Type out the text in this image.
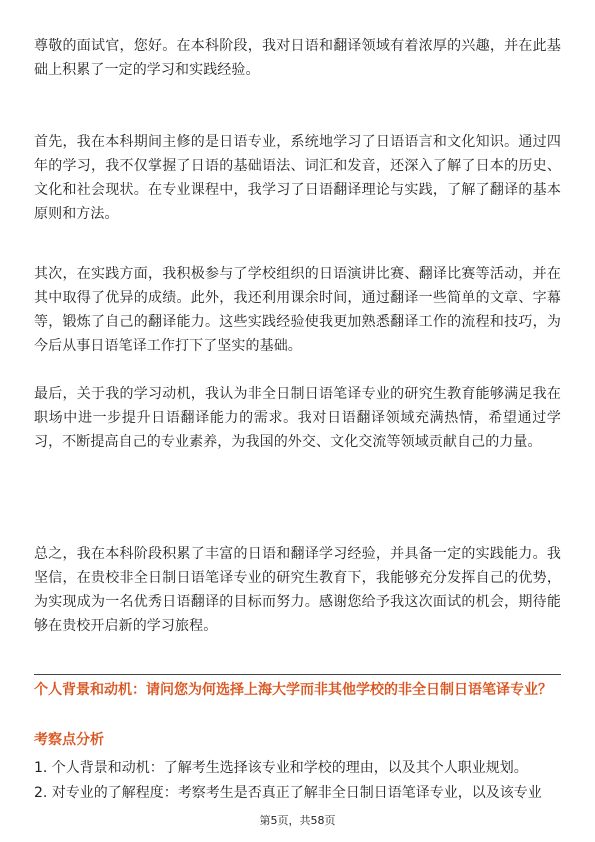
尊敬的面试官，您好。在本科阶段，我对日语和翻译领域有着浓厚的兴趣，并在此基础上积累了一定的学习和实践经验。

首先，我在本科期间主修的是日语专业，系统地学习了日语语言和文化知识。通过四年的学习，我不仅掌握了日语的基础语法、词汇和发音，还深入了解了日本的历史、文化和社会现状。在专业课程中，我学习了日语翻译理论与实践，了解了翻译的基本原则和方法。

其次，在实践方面，我积极参与了学校组织的日语演讲比赛、翻译比赛等活动，并在其中取得了优异的成绩。此外，我还利用课余时间，通过翻译一些简单的文章、字幕等，锻炼了自己的翻译能力。这些实践经验使我更加熟悉翻译工作的流程和技巧，为今后从事日语笔译工作打下了坚实的基础。

最后，关于我的学习动机，我认为非全日制日语笔译专业的研究生教育能够满足我在职场中进一步提升日语翻译能力的需求。我对日语翻译领域充满热情，希望通过学习，不断提高自己的专业素养，为我国的外交、文化交流等领域贡献自己的力量。

总之，我在本科阶段积累了丰富的日语和翻译学习经验，并具备一定的实践能力。我坚信，在贵校非全日制日语笔译专业的研究生教育下，我能够充分发挥自己的优势，为实现成为一名优秀日语翻译的目标而努力。感谢您给予我这次面试的机会，期待能够在贵校开启新的学习旅程。

个人背景和动机：请问您为何选择上海大学而非其他学校的非全日制日语笔译专业？

考察点分析

1. 个人背景和动机：了解考生选择该专业和学校的理由，以及其个人职业规划。
2. 对专业的了解程度：考察考生是否真正了解非全日制日语笔译专业，以及该专业
第5页，共58页
